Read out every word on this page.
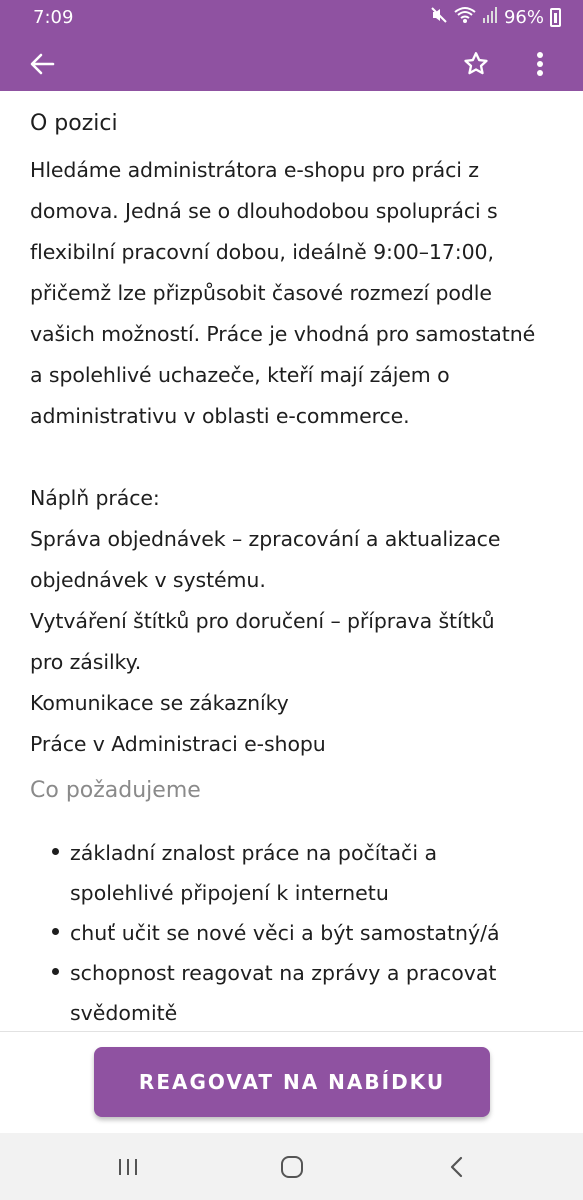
7:09	96%
O pozici
Hledáme administrátora e-shopu pro práci z
domova. Jedná se o dlouhodobou spolupráci s
flexibilní pracovní dobou, ideálně 9:00–17:00,
přičemž lze přizpůsobit časové rozmezí podle
vašich možností. Práce je vhodná pro samostatné
a spolehlivé uchazeče, kteří mají zájem o
administrativu v oblasti e-commerce.
Náplň práce:
Správa objednávek – zpracování a aktualizace
objednávek v systému.
Vytváření štítků pro doručení – příprava štítků
pro zásilky.
Komunikace se zákazníky
Práce v Administraci e-shopu
Co požadujeme
základní znalost práce na počítači a
spolehlivé připojení k internetu
chuť učit se nové věci a být samostatný/á
schopnost reagovat na zprávy a pracovat
svědomitě
REAGOVAT NA NABÍDKU
